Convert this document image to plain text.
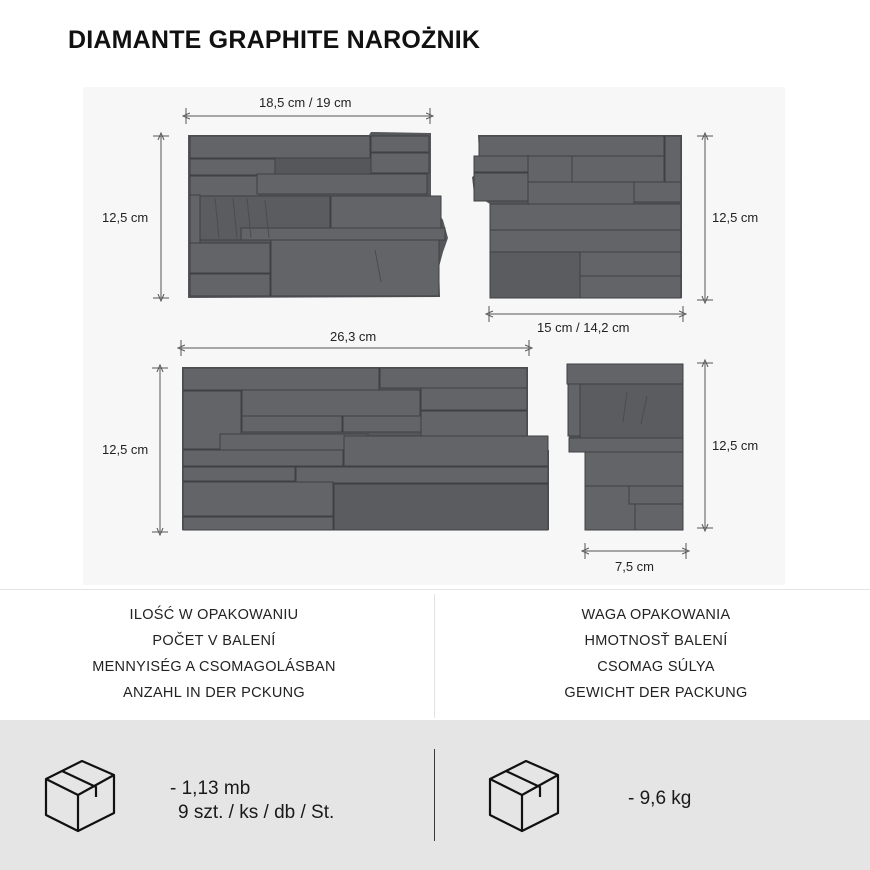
DIAMANTE GRAPHITE NAROŻNIK
18,5 cm / 19 cm
12,5 cm	12,5 cm
15 cm / 14,2 cm
26,3 cm
12,5 cm	12,5 cm
7,5 cm
ILOŚĆ W OPAKOWANIU
POČET V BALENÍ
MENNYISÉG A CSOMAGOLÁSBAN
ANZAHL IN DER PCKUNG
WAGA OPAKOWANIA
HMOTNOSŤ BALENÍ
CSOMAG SÚLYA
GEWICHT DER PACKUNG
- 1,13 mb
9 szt. / ks / db / St.
- 9,6 kg
